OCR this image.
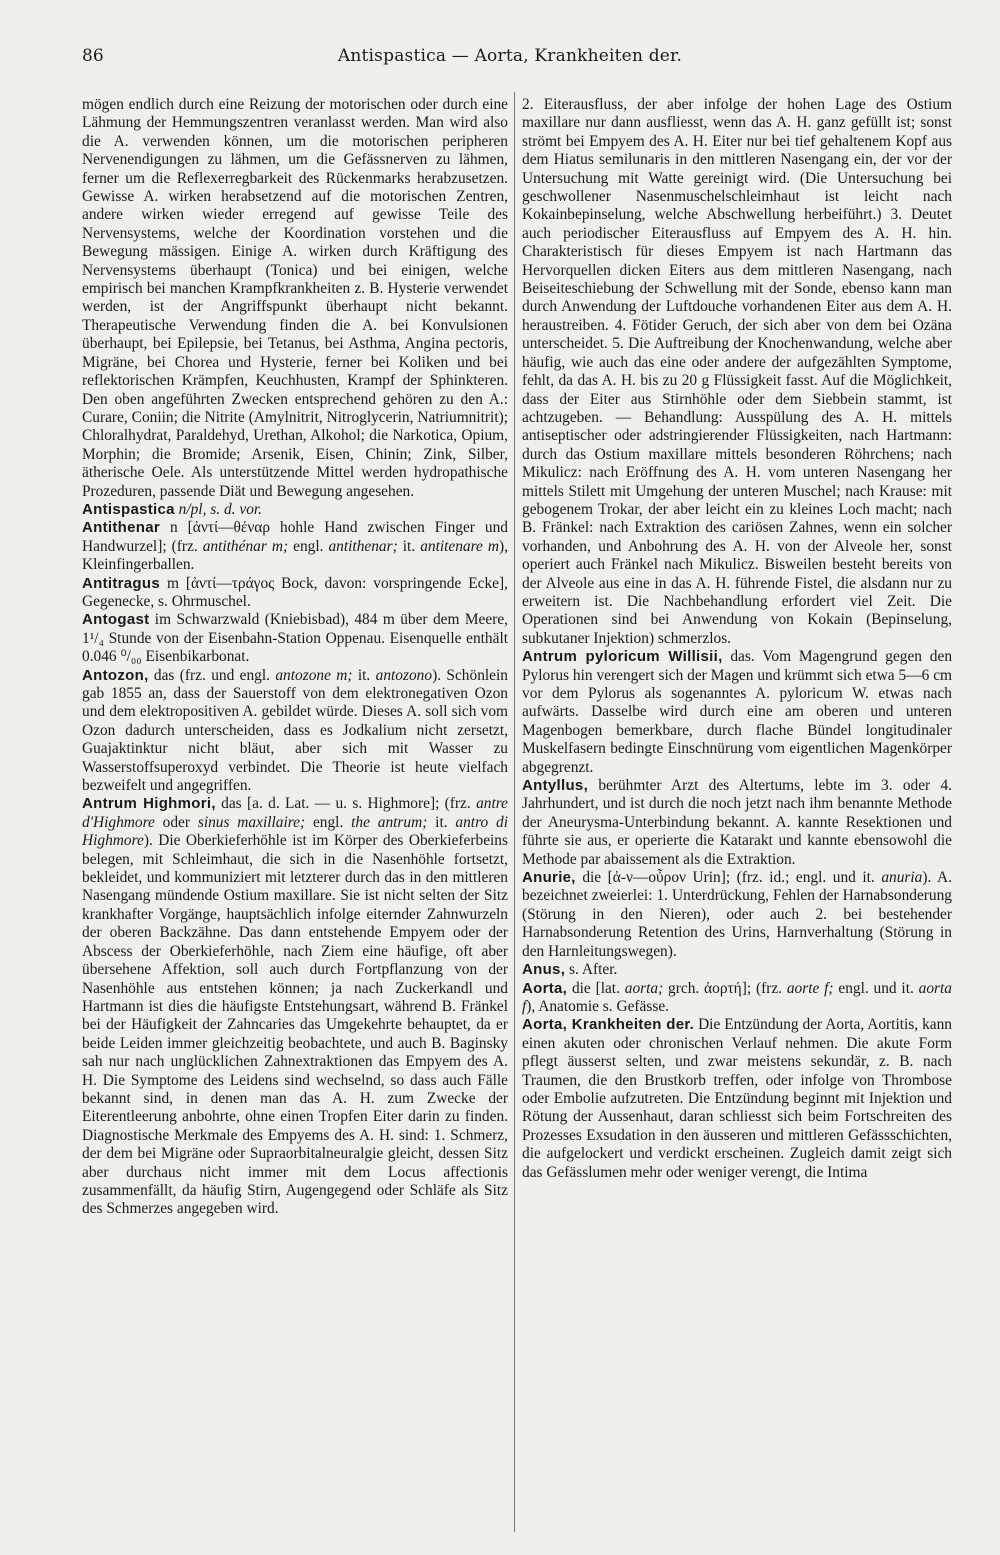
86	Antispastica — Aorta, Krankheiten der.

mögen endlich durch eine Reizung der motorischen oder durch eine Lähmung der Hemmungszentren veranlasst werden. Man wird also die A. verwenden können, um die motorischen peripheren Nervenendigungen zu lähmen, um die Gefässnerven zu lähmen, ferner um die Reflexerregbarkeit des Rückenmarks herabzusetzen. Gewisse A. wirken herabsetzend auf die motorischen Zentren, andere wirken wieder erregend auf gewisse Teile des Nervensystems, welche der Koordination vorstehen und die Bewegung mässigen. Einige A. wirken durch Kräftigung des Nervensystems überhaupt (Tonica) und bei einigen, welche empirisch bei manchen Krampfkrankheiten z. B. Hysterie verwendet werden, ist der Angriffspunkt überhaupt nicht bekannt. Therapeutische Verwendung finden die A. bei Konvulsionen überhaupt, bei Epilepsie, bei Tetanus, bei Asthma, Angina pectoris, Migräne, bei Chorea und Hysterie, ferner bei Koliken und bei reflektorischen Krämpfen, Keuchhusten, Krampf der Sphinkteren. Den oben angeführten Zwecken entsprechend gehören zu den A.: Curare, Coniin; die Nitrite (Amylnitrit, Nitroglycerin, Natriumnitrit); Chloralhydrat, Paraldehyd, Urethan, Alkohol; die Narkotica, Opium, Morphin; die Bromide; Arsenik, Eisen, Chinin; Zink, Silber, ätherische Oele. Als unterstützende Mittel werden hydropathische Prozeduren, passende Diät und Bewegung angesehen.

Antispastica n/pl, s. d. vor.

Antithenar n [ἀντί—θέναρ hohle Hand zwischen Finger und Handwurzel]; (frz. antithénar m; engl. antithenar; it. antitenare m), Kleinfingerballen.

Antitragus m [ἀντί—τράγος Bock, davon: vorspringende Ecke], Gegenecke, s. Ohrmuschel.

Antogast im Schwarzwald (Kniebisbad), 484 m über dem Meere, 1¹/₄ Stunde von der Eisenbahn-Station Oppenau. Eisenquelle enthält 0.046 ⁰/₀₀ Eisenbikarbonat.

Antozon, das (frz. und engl. antozone m; it. antozono). Schönlein gab 1855 an, dass der Sauerstoff von dem elektronegativen Ozon und dem elektropositiven A. gebildet würde. Dieses A. soll sich vom Ozon dadurch unterscheiden, dass es Jodkalium nicht zersetzt, Guajaktinktur nicht bläut, aber sich mit Wasser zu Wasserstoffsuperoxyd verbindet. Die Theorie ist heute vielfach bezweifelt und angegriffen.

Antrum Highmori, das [a. d. Lat. — u. s. Highmore]; (frz. antre d'Highmore oder sinus maxillaire; engl. the antrum; it. antro di Highmore). Die Oberkieferhöhle ist im Körper des Oberkieferbeins belegen, mit Schleimhaut, die sich in die Nasenhöhle fortsetzt, bekleidet, und kommuniziert mit letzterer durch das in den mittleren Nasengang mündende Ostium maxillare. Sie ist nicht selten der Sitz krankhafter Vorgänge, hauptsächlich infolge eiternder Zahnwurzeln der oberen Backzähne. Das dann entstehende Empyem oder der Abscess der Oberkieferhöhle, nach Ziem eine häufige, oft aber übersehene Affektion, soll auch durch Fortpflanzung von der Nasenhöhle aus entstehen können; ja nach Zuckerkandl und Hartmann ist dies die häufigste Entstehungsart, während B. Fränkel bei der Häufigkeit der Zahncaries das Umgekehrte behauptet, da er beide Leiden immer gleichzeitig beobachtete, und auch B. Baginsky sah nur nach unglücklichen Zahnextraktionen das Empyem des A. H. Die Symptome des Leidens sind wechselnd, so dass auch Fälle bekannt sind, in denen man das A. H. zum Zwecke der Eiterentleerung anbohrte, ohne einen Tropfen Eiter darin zu finden. Diagnostische Merkmale des Empyems des A. H. sind: 1. Schmerz, der dem bei Migräne oder Supraorbitalneuralgie gleicht, dessen Sitz aber durchaus nicht immer mit dem Locus affectionis zusammenfällt, da häufig Stirn, Augengegend oder Schläfe als Sitz des Schmerzes angegeben wird.

2. Eiterausfluss, der aber infolge der hohen Lage des Ostium maxillare nur dann ausfliesst, wenn das A. H. ganz gefüllt ist; sonst strömt bei Empyem des A. H. Eiter nur bei tief gehaltenem Kopf aus dem Hiatus semilunaris in den mittleren Nasengang ein, der vor der Untersuchung mit Watte gereinigt wird. (Die Untersuchung bei geschwollener Nasenmuschelschleimhaut ist leicht nach Kokainbepinselung, welche Abschwellung herbeiführt.) 3. Deutet auch periodischer Eiterausfluss auf Empyem des A. H. hin. Charakteristisch für dieses Empyem ist nach Hartmann das Hervorquellen dicken Eiters aus dem mittleren Nasengang, nach Beiseiteschiebung der Schwellung mit der Sonde, ebenso kann man durch Anwendung der Luftdouche vorhandenen Eiter aus dem A. H. heraustreiben. 4. Fötider Geruch, der sich aber von dem bei Ozäna unterscheidet. 5. Die Auftreibung der Knochenwandung, welche aber häufig, wie auch das eine oder andere der aufgezählten Symptome, fehlt, da das A. H. bis zu 20 g Flüssigkeit fasst. Auf die Möglichkeit, dass der Eiter aus Stirnhöhle oder dem Siebbein stammt, ist achtzugeben. — Behandlung: Ausspülung des A. H. mittels antiseptischer oder adstringierender Flüssigkeiten, nach Hartmann: durch das Ostium maxillare mittels besonderen Röhrchens; nach Mikulicz: nach Eröffnung des A. H. vom unteren Nasengang her mittels Stilett mit Umgehung der unteren Muschel; nach Krause: mit gebogenem Trokar, der aber leicht ein zu kleines Loch macht; nach B. Fränkel: nach Extraktion des cariösen Zahnes, wenn ein solcher vorhanden, und Anbohrung des A. H. von der Alveole her, sonst operiert auch Fränkel nach Mikulicz. Bisweilen besteht bereits von der Alveole aus eine in das A. H. führende Fistel, die alsdann nur zu erweitern ist. Die Nachbehandlung erfordert viel Zeit. Die Operationen sind bei Anwendung von Kokain (Bepinselung, subkutaner Injektion) schmerzlos.

Antrum pyloricum Willisii, das. Vom Magengrund gegen den Pylorus hin verengert sich der Magen und krümmt sich etwa 5—6 cm vor dem Pylorus als sogenanntes A. pyloricum W. etwas nach aufwärts. Dasselbe wird durch eine am oberen und unteren Magenbogen bemerkbare, durch flache Bündel longitudinaler Muskelfasern bedingte Einschnürung vom eigentlichen Magenkörper abgegrenzt.

Antyllus, berühmter Arzt des Altertums, lebte im 3. oder 4. Jahrhundert, und ist durch die noch jetzt nach ihm benannte Methode der Aneurysma-Unterbindung bekannt. A. kannte Resektionen und führte sie aus, er operierte die Katarakt und kannte ebensowohl die Methode par abaissement als die Extraktion.

Anurie, die [ἀ-ν—οὖρον Urin]; (frz. id.; engl. und it. anuria). A. bezeichnet zweierlei: 1. Unterdrückung, Fehlen der Harnabsonderung (Störung in den Nieren), oder auch 2. bei bestehender Harnabsonderung Retention des Urins, Harnverhaltung (Störung in den Harnleitungswegen).

Anus, s. After.

Aorta, die [lat. aorta; grch. ἀορτή]; (frz. aorte f; engl. und it. aorta f), Anatomie s. Gefässe.

Aorta, Krankheiten der. Die Entzündung der Aorta, Aortitis, kann einen akuten oder chronischen Verlauf nehmen. Die akute Form pflegt äusserst selten, und zwar meistens sekundär, z. B. nach Traumen, die den Brustkorb treffen, oder infolge von Thrombose oder Embolie aufzutreten. Die Entzündung beginnt mit Injektion und Rötung der Aussenhaut, daran schliesst sich beim Fortschreiten des Prozesses Exsudation in den äusseren und mittleren Gefässschichten, die aufgelockert und verdickt erscheinen. Zugleich damit zeigt sich das Gefässlumen mehr oder weniger verengt, die Intima
